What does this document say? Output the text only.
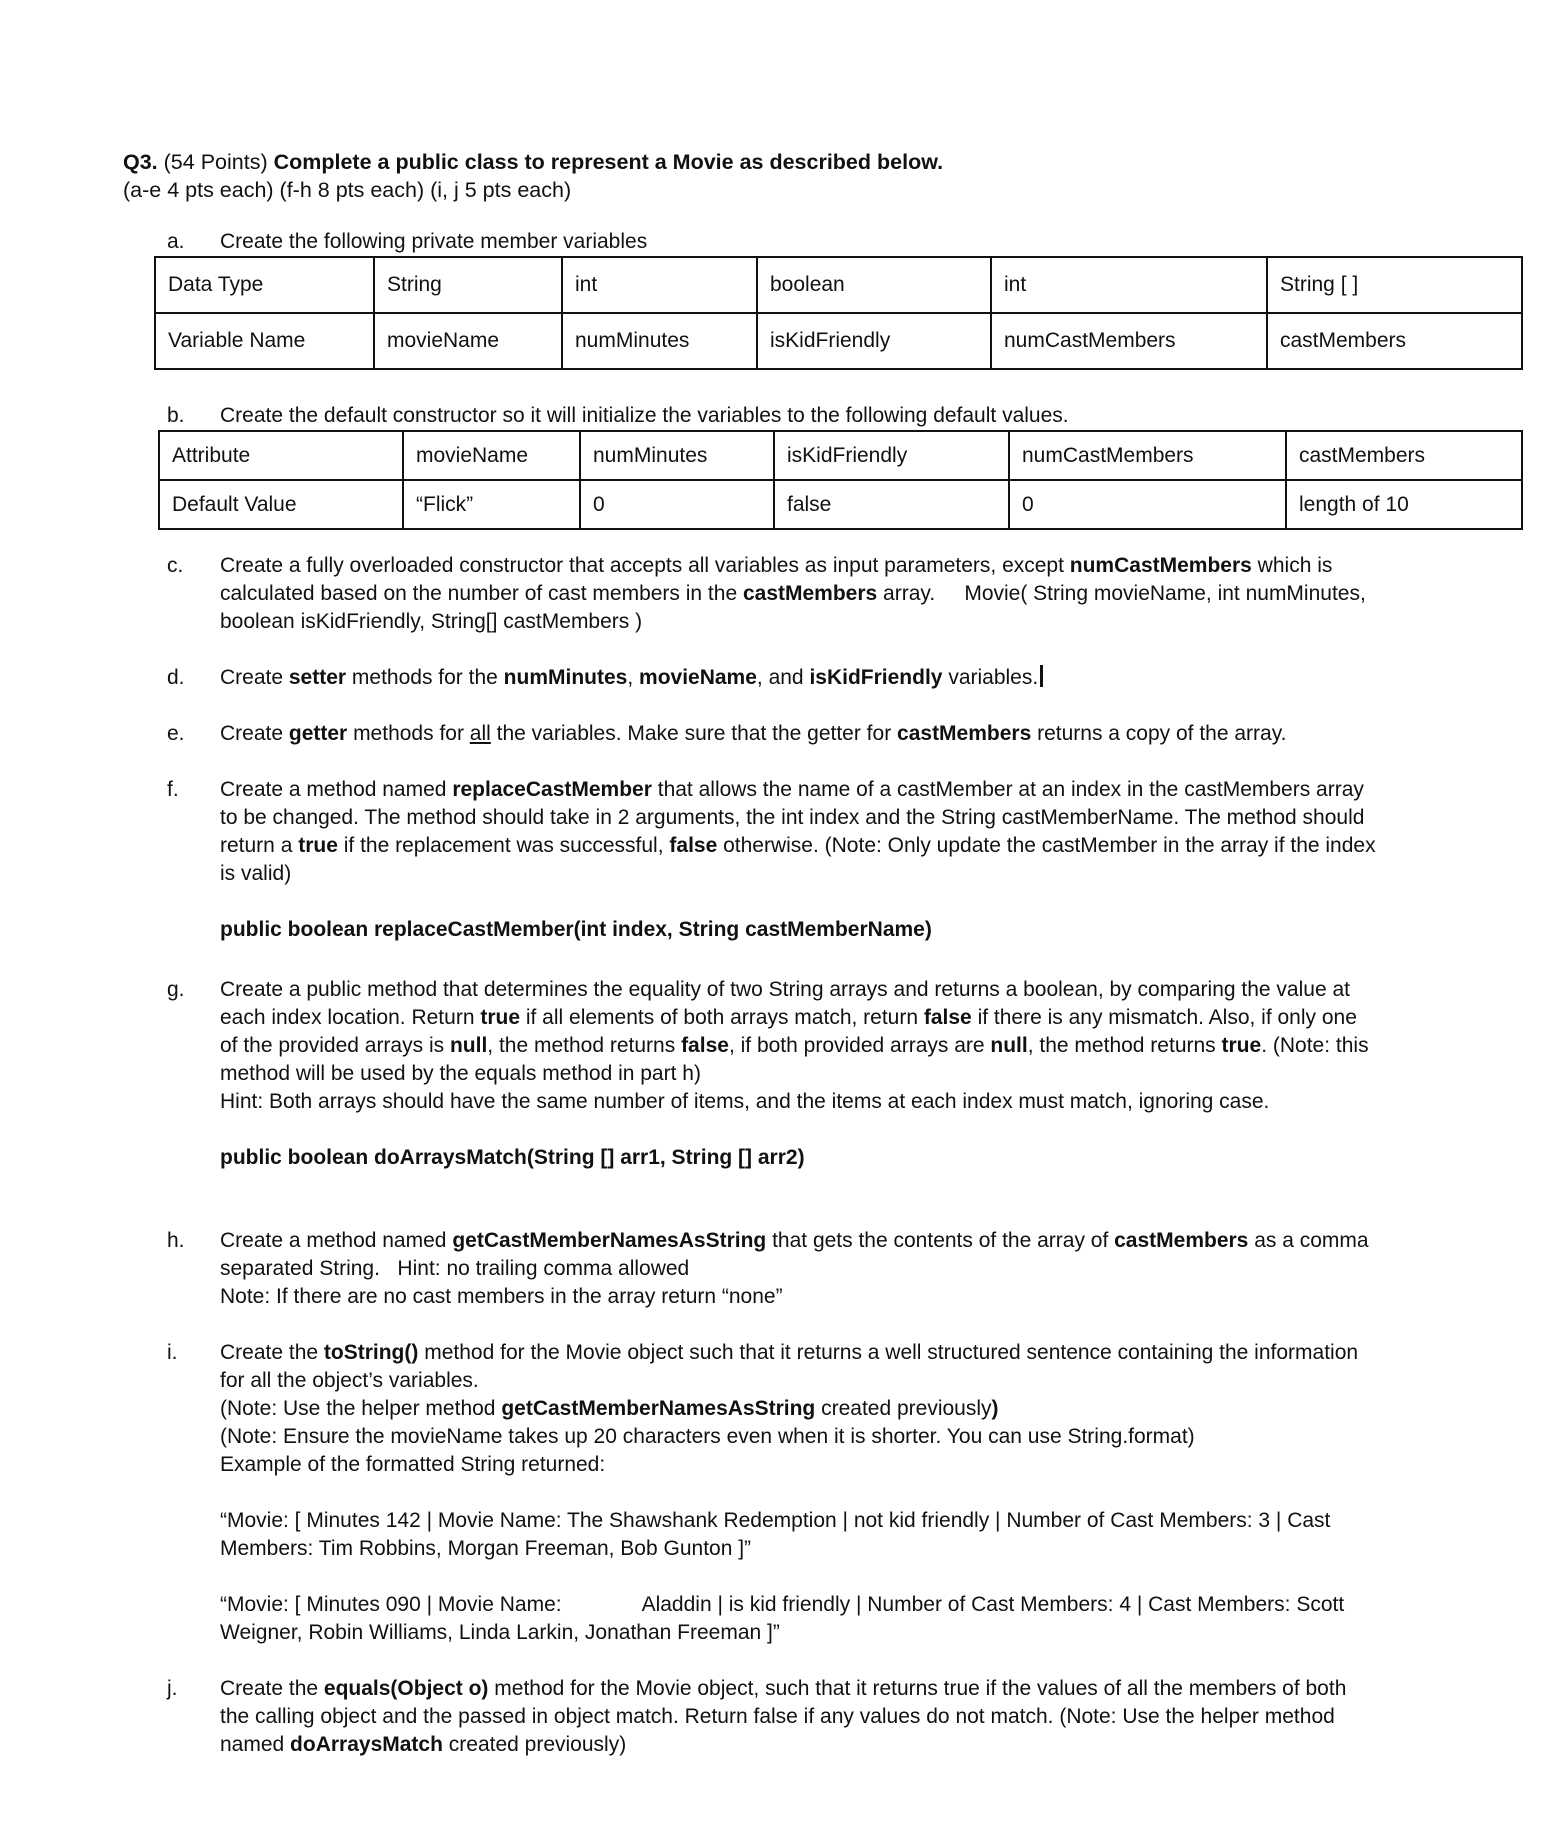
Q3. (54 Points) Complete a public class to represent a Movie as described below.
(a-e 4 pts each) (f-h 8 pts each) (i, j 5 pts each)
a.	Create the following private member variables
Data Type	String	int	boolean	int	String [ ]
Variable Name	movieName	numMinutes	isKidFriendly	numCastMembers	castMembers
b.	Create the default constructor so it will initialize the variables to the following default values.
Attribute	movieName	numMinutes	isKidFriendly	numCastMembers	castMembers
Default Value	“Flick”	0	false	0	length of 10
c.	Create a fully overloaded constructor that accepts all variables as input parameters, except numCastMembers which is calculated based on the number of cast members in the castMembers array.     Movie( String movieName, int numMinutes, boolean isKidFriendly, String[] castMembers )

d.	Create setter methods for the numMinutes, movieName, and isKidFriendly variables.

e.	Create getter methods for all the variables. Make sure that the getter for castMembers returns a copy of the array.

f.	Create a method named replaceCastMember that allows the name of a castMember at an index in the castMembers array to be changed. The method should take in 2 arguments, the int index and the String castMemberName. The method should return a true if the replacement was successful, false otherwise. (Note: Only update the castMember in the array if the index is valid)

public boolean replaceCastMember(int index, String castMemberName)

g.	Create a public method that determines the equality of two String arrays and returns a boolean, by comparing the value at each index location. Return true if all elements of both arrays match, return false if there is any mismatch. Also, if only one of the provided arrays is null, the method returns false, if both provided arrays are null, the method returns true. (Note: this method will be used by the equals method in part h)

Hint: Both arrays should have the same number of items, and the items at each index must match, ignoring case.

public boolean doArraysMatch(String [] arr1, String [] arr2)

h.	Create a method named getCastMemberNamesAsString that gets the contents of the array of castMembers as a comma separated String.   Hint: no trailing comma allowed

Note: If there are no cast members in the array return “none”

i.	Create the toString() method for the Movie object such that it returns a well structured sentence containing the information for all the object’s variables.

(Note: Use the helper method getCastMemberNamesAsString created previously)

(Note: Ensure the movieName takes up 20 characters even when it is shorter. You can use String.format)

Example of the formatted String returned:

“Movie: [ Minutes 142 | Movie Name: The Shawshank Redemption | not kid friendly | Number of Cast Members: 3 | Cast Members: Tim Robbins, Morgan Freeman, Bob Gunton ]”

“Movie: [ Minutes 090 | Movie Name:	Aladdin | is kid friendly | Number of Cast Members: 4 | Cast Members: Scott Weigner, Robin Williams, Linda Larkin, Jonathan Freeman ]”

j.	Create the equals(Object o) method for the Movie object, such that it returns true if the values of all the members of both the calling object and the passed in object match. Return false if any values do not match. (Note: Use the helper method named doArraysMatch created previously)
